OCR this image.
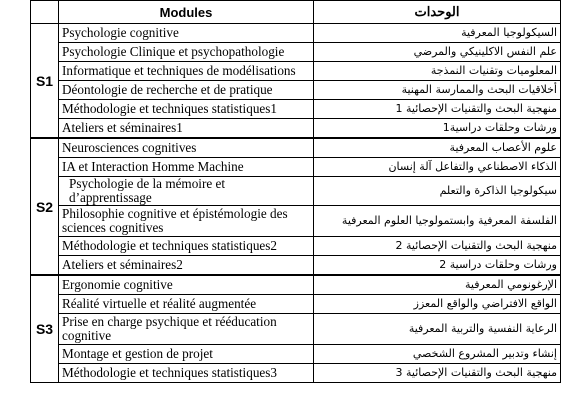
	Modules	الوحدات
S1	Psychologie cognitive	السيكولوجيا المعرفية
	Psychologie Clinique et psychopathologie	علم النفس الاكلينيكي والمرضي
	Informatique et techniques de modélisations	المعلوميات وتقنيات النمذجة
	Déontologie de recherche et de pratique	أخلاقيات البحث والممارسة المهنية
	Méthodologie et techniques statistiques1	منهجية البحث والتقنيات الإحصائية 1
	Ateliers et séminaires1	ورشات وحلقات دراسية1
S2	Neurosciences cognitives	علوم الأعصاب المعرفية
	IA et Interaction Homme Machine	الذكاء الاصطناعي والتفاعل آلة إنسان
	Psychologie de la mémoire et d’apprentissage	سيكولوجيا الذاكرة والتعلم
	Philosophie cognitive et épistémologie des sciences cognitives	الفلسفة المعرفية وابستمولوجيا العلوم المعرفية
	Méthodologie et techniques statistiques2	منهجية البحث والتقنيات الإحصائية 2
	Ateliers et séminaires2	ورشات وحلقات دراسية 2
S3	Ergonomie cognitive	الإرغونومي المعرفية
	Réalité virtuelle et réalité augmentée	الواقع الافتراضي والواقع المعزز
	Prise en charge psychique et rééducation cognitive	الرعاية النفسية والتربية المعرفية
	Montage et gestion de projet	إنشاء وتدبير المشروع الشخصي
	Méthodologie et techniques statistiques3	منهجية البحث والتقنيات الإحصائية 3
